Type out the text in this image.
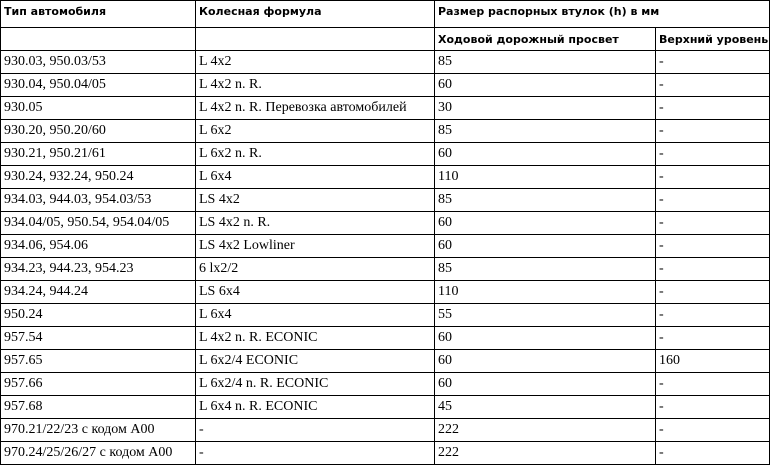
Тип автомобиля	Колесная формула	Размер распорных втулок (h) в мм	
		Ходовой дорожный просвет	Верхний уровень
930.03, 950.03/53	L 4x2	85	-
930.04, 950.04/05	L 4x2 n. R.	60	-
930.05	L 4x2 n. R. Перевозка автомобилей	30	-
930.20, 950.20/60	L 6x2	85	-
930.21, 950.21/61	L 6x2 n. R.	60	-
930.24, 932.24, 950.24	L 6x4	110	-
934.03, 944.03, 954.03/53	LS 4x2	85	-
934.04/05, 950.54, 954.04/05	LS 4x2 n. R.	60	-
934.06, 954.06	LS 4x2 Lowliner	60	-
934.23, 944.23, 954.23	6 lx2/2	85	-
934.24, 944.24	LS 6x4	110	-
950.24	L 6x4	55	-
957.54	L 4x2 n. R. ECONIC	60	-
957.65	L 6x2/4 ECONIC	60	160
957.66	L 6x2/4 n. R. ECONIC	60	-
957.68	L 6x4 n. R. ECONIC	45	-
970.21/22/23 с кодом A00	-	222	-
970.24/25/26/27 с кодом A00	-	222	-
